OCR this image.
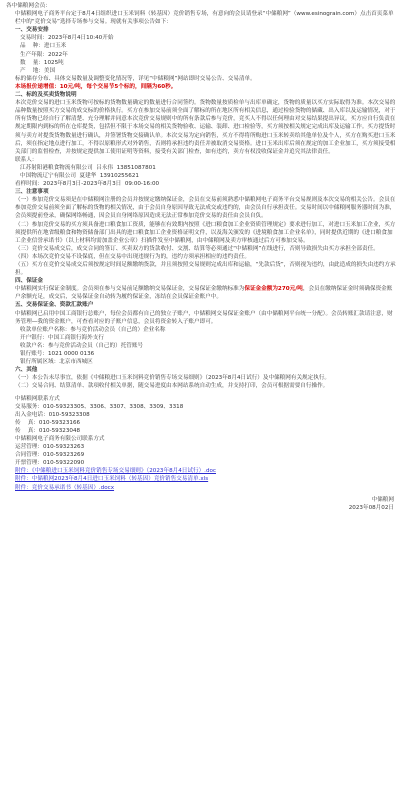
各中储粮网会员：

中储粮网电子商务平台定于8月4日组织进口玉米饲料（转基因）竞价销售专场，有意向的会员请登录“中储粮网”（www.esinograin.com）点击首页菜单栏中的“竞价交易”选择专场参与交易。现就有关事项公告如下：

一、交易安排

交易时间：2023年8月4日10:40开始

品    种：进口玉米

生产年限：2022年

数    量：1025吨

产    地：美国

标的储存分布、具体交易数量及调整变化情况等，详见“中储粮网”网站即时交易公告、交易清单。

本场报价递增值：10元/吨，每个交易节5个标的，间隔为60秒。

二、标的及买卖货物说明

本次竞价交易的进口玉米货物可按标的货物数量确定的数量进行合同签约。货物数量按质检单与出库单确定，货物的质量以买方实际取得为准。本次交易的品种数量按照买方交易的成交标的价格执行。买方在参加交易前须全面了解标的所在地区所有相关信息，通过检验货物的储藏、出入库以及运输情况，对于所有货物已经自行了解清楚、充分理解并同意本次竞价交易规则中的所有条款后参与竞价，竞买人不得以任何理由对交易结果提出异议。买方应自行负责在规定期限内到标的所在仓库提货，包括但不限于本场交易的相关货物验收、运输、装卸、进口检验等，买方须按相关规定完成出库及运输工作。买方提货时须与卖方对提货货物数量进行确认，并签署货物交接确认单。本次交易为定向销售，买方不得将所购进口玉米转卖给其他单位及个人，买方在购买进口玉米后，须在指定地点进行加工，不得以原粮形式对外销售，否则将承担违约责任并被取消交易资格。进口玉米出库后须在规定的加工企业加工，买方须接受相关部门的监督检查，并按规定提供加工使用证明等资料，接受有关部门检查，如有违约，卖方有权没收保证金并追究其法律责任。

联系人：

江苏射阳港粮食物流有限公司  吕永伟  13851087801

中国物流辽宁有限公司  夏建华  13910255621

看样时间：2023年8月3日-2023年8月3日  09:00-16:00

三、注意事项

（一）参加竞价交易须是在中储粮网注册的会员并按规定缴纳保证金，会员在交易前须熟悉中储粮网电子商务平台交易规则及本次交易的相关公告。会员在参加竞价交易前须全面了解标的货物的相关情况，由于会员自身原因导致无法成交或违约的，由会员自行承担责任。交易时间以中储粮网服务器时间为准，会员须提前登录，确保网络畅通，因会员自身网络原因造成无法正常参加竞价交易的责任由会员自负。

（二）参加竞价交易的买方须具备进口粮食加工资质，能够在有效期内按照《进口粮食加工企业资质管理规定》要求进行加工，对进口玉米加工企业，买方须提供所在地省级粮食和物资储备部门出具的进口粮食加工企业资格证明文件，以及海关颁发的《进境粮食加工企业名单》，同时提供近期的《进口粮食加工企业信誉承诺书》（以上材料均需加盖企业公章）扫描件发至中储粮网，由中储粮网及卖方审核通过后方可参加交易。

（三）竞价交易成交后，成交合同的签订、买卖双方的货款收付、交割、结算等必须通过“中储粮网”在线进行，否则导致损失由买方承担全部责任。

（四）本场次竞价交易不设保底，但在交易中出现违规行为的，违约方须承担相应的违约责任。

（五）买方在竞价交易成交后须按规定时间足额缴纳货款，并且须按照交易规则完成出库和运输，“先款后货”，否则视为违约，由此造成的损失由违约方承担。

四、保证金

中储粮网实行保证金制度。会员须在参与交易前足额缴纳交易保证金，交易保证金缴纳标准为保证金金额为270元/吨，会员在缴纳保证金时须确保资金账户余额充足，成交后，交易保证金自动转为履约保证金，冻结在会员保证金账户中。

五、交易保证金、资款汇款账户

中储粮网已启用中国工商银行总账户，每位会员都有自己的独立子账户，中储粮网交易保证金账户（由中储粮网平台统一分配）。会员转账汇款请注意，财务管理—我的资金账户，可查看对应的子账户信息，会员将资金转入子账户即可。

收款单位账户名称：参与竞价活动会员（自己的）企业名称

开户银行：中国工商银行海外支行

收款户名：参与竞价活动会员（自己的）托管账号

银行账号：1021 0000 0136

银行所属区域：北京市西城区

六、其他

（一）本公告未尽事宜，依据《中储粮进口玉米饲料竞价销售专场交易细则》（2023年8月4日试行）及中储粮网有关规定执行。

（二）交易合同、结算清单、款项收付相关单据，随交易进度由本网站系统自动生成，并支持打印，会员可根据需要自行操作。

中储粮网联系方式

交易服务：010-59323305、3306、3307、3308、3309、3318

出入金电话：010-59323308

传    真：010-59323166

传    真：010-59323048

中储粮网电子商务有限公司联系方式

运营管理：010-59323263

合同管理：010-59323269

开票管理：010-59322090

附件：《中储粮进口玉米饲料竞价销售专场交易细则》（2023年8月4日试行）.doc

附件：中储粮网2023年8月4日进口玉米饲料（转基因）竞价销售交易清单.xls

附件：竞价交易承诺书（转基因）.docx

中储粮网

2023年08月02日
